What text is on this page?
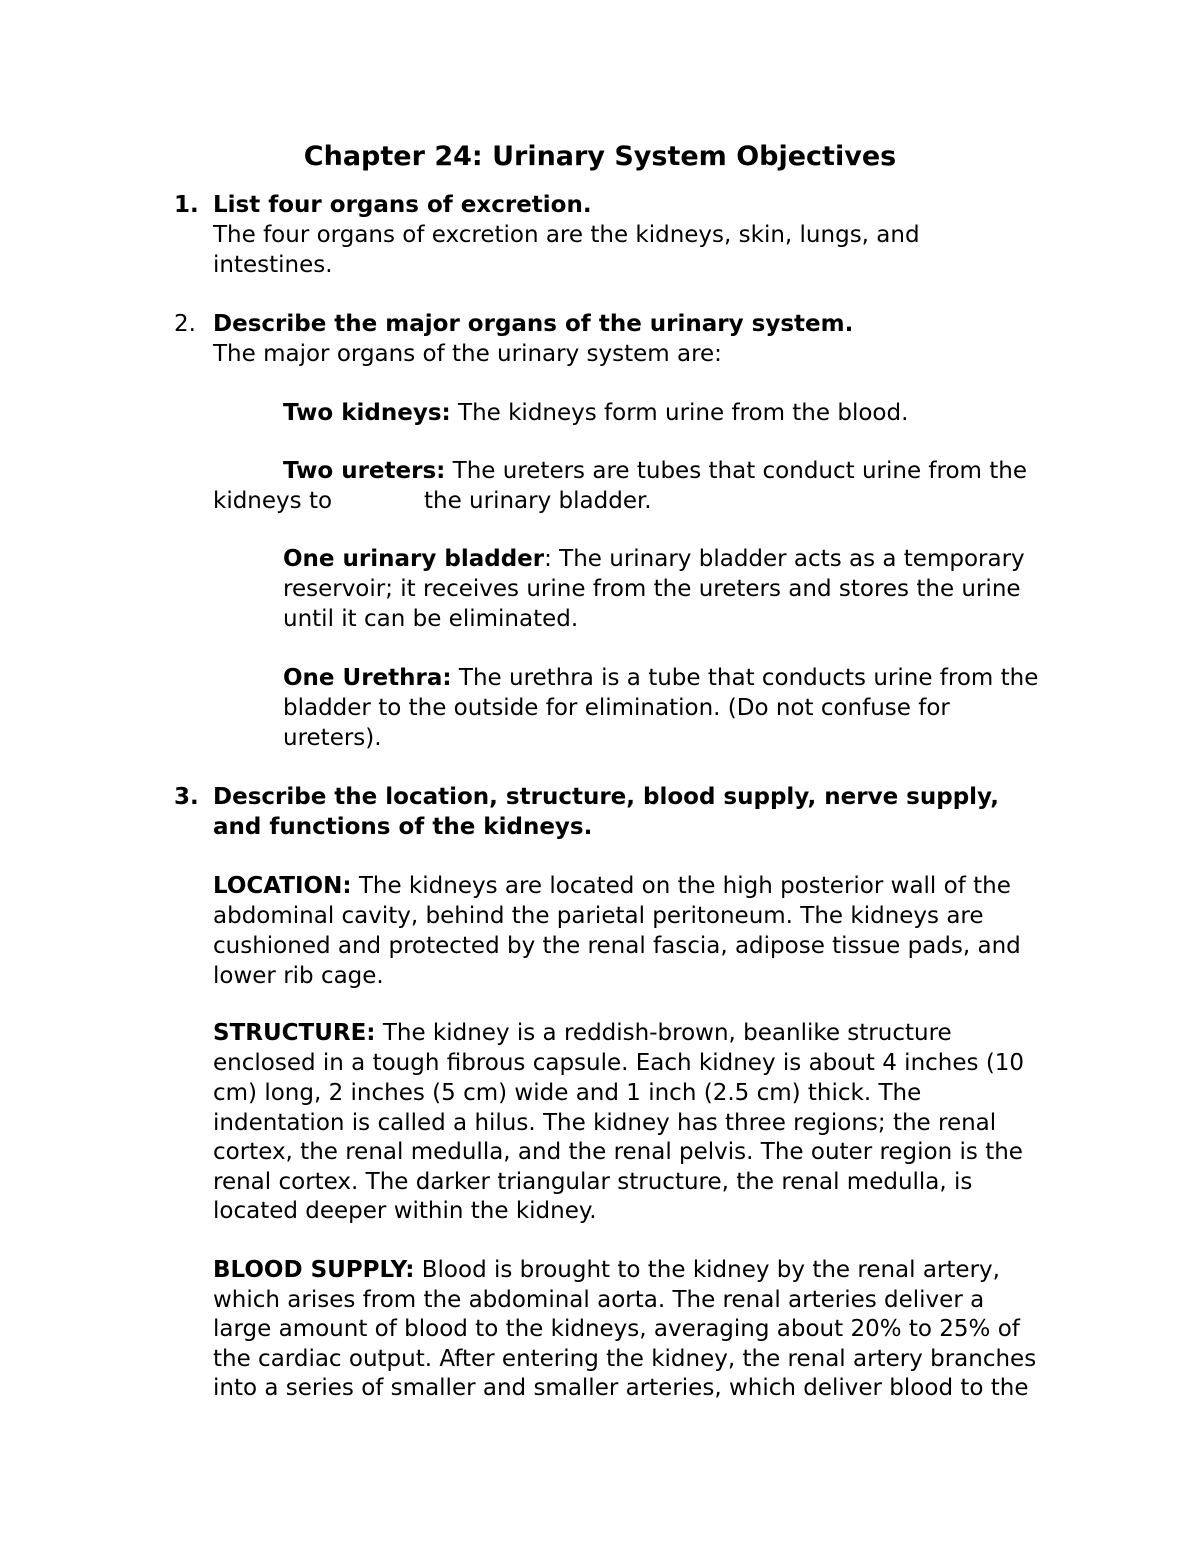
Chapter 24: Urinary System Objectives
1. List four organs of excretion.
The four organs of excretion are the kidneys, skin, lungs, and
intestines.
2. Describe the major organs of the urinary system.
The major organs of the urinary system are:
Two kidneys: The kidneys form urine from the blood.
Two ureters: The ureters are tubes that conduct urine from the
kidneys to	the urinary bladder.
One urinary bladder: The urinary bladder acts as a temporary
reservoir; it receives urine from the ureters and stores the urine
until it can be eliminated.
One Urethra: The urethra is a tube that conducts urine from the
bladder to the outside for elimination. (Do not confuse for
ureters).
3. Describe the location, structure, blood supply, nerve supply,
and functions of the kidneys.
LOCATION: The kidneys are located on the high posterior wall of the
abdominal cavity, behind the parietal peritoneum. The kidneys are
cushioned and protected by the renal fascia, adipose tissue pads, and
lower rib cage.
STRUCTURE: The kidney is a reddish-brown, beanlike structure
enclosed in a tough fibrous capsule. Each kidney is about 4 inches (10
cm) long, 2 inches (5 cm) wide and 1 inch (2.5 cm) thick. The
indentation is called a hilus. The kidney has three regions; the renal
cortex, the renal medulla, and the renal pelvis. The outer region is the
renal cortex. The darker triangular structure, the renal medulla, is
located deeper within the kidney.
BLOOD SUPPLY: Blood is brought to the kidney by the renal artery,
which arises from the abdominal aorta. The renal arteries deliver a
large amount of blood to the kidneys, averaging about 20% to 25% of
the cardiac output. After entering the kidney, the renal artery branches
into a series of smaller and smaller arteries, which deliver blood to the
